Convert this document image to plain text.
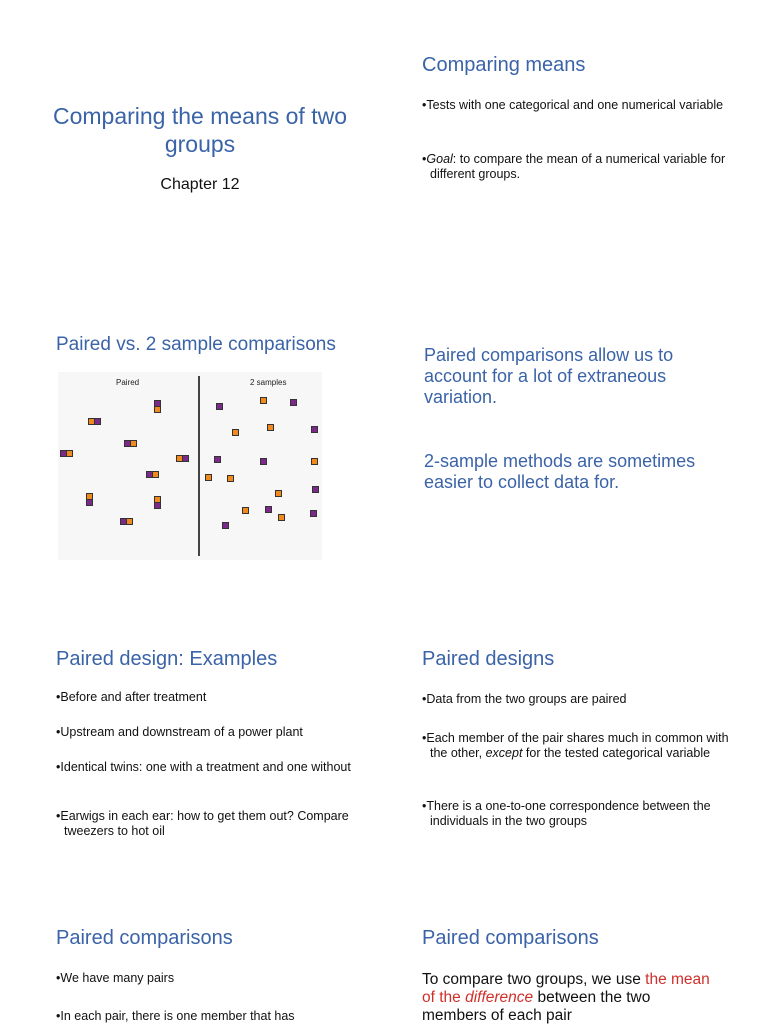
Comparing the means of two groups
Chapter 12
Comparing means
• Tests with one categorical and one numerical variable
• Goal: to compare the mean of a numerical variable for different groups.
Paired vs. 2 sample comparisons
Paired	2 samples
Paired comparisons allow us to account for a lot of extraneous variation.
2-sample methods are sometimes easier to collect data for.
Paired design: Examples
• Before and after treatment
• Upstream and downstream of a power plant
• Identical twins: one with a treatment and one without
• Earwigs in each ear: how to get them out? Compare tweezers to hot oil
Paired designs
• Data from the two groups are paired
• Each member of the pair shares much in common with the other, except for the tested categorical variable
• There is a one-to-one correspondence between the individuals in the two groups
Paired comparisons
• We have many pairs
• In each pair, there is one member that has
Paired comparisons
To compare two groups, we use the mean of the difference between the two members of each pair
